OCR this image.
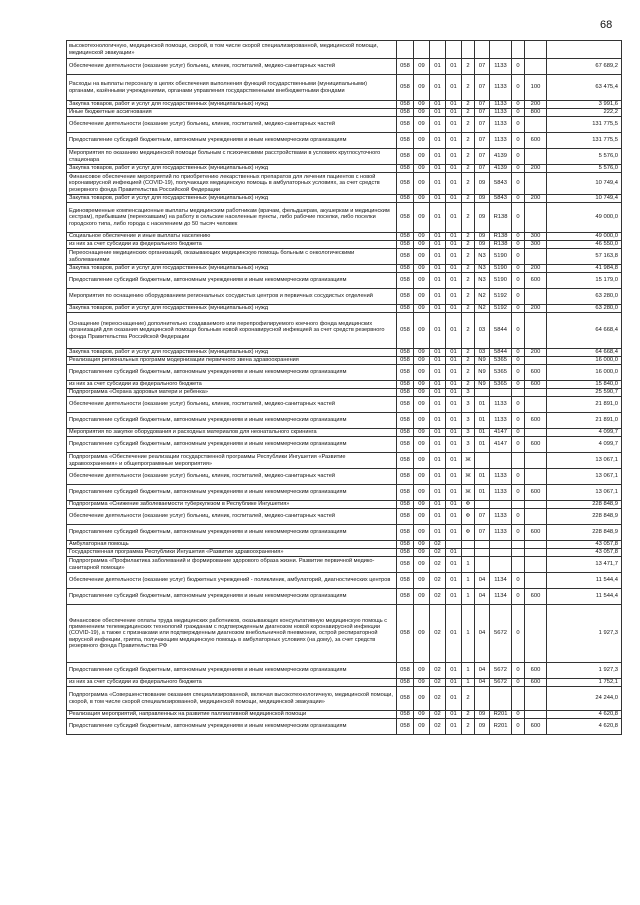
68
высокотехнологичную, медицинской помощи, скорой, в том числе скорой специализированной, медицинской помощи, медицинской эвакуации»										
Обеспечение деятельности (оказание услуг) больниц, клиник, госпиталей, медико-санитарных частей	058	09	01	01	2	07	1133	0		67 689,2
Расходы на выплаты персоналу в целях обеспечения выполнения функций государственными (муниципальными) органами, казёнными учреждениями, органами управления государственными внебюджетными фондами	058	09	01	01	2	07	1133	0	100	63 475,4
Закупка товаров, работ и услуг для государственных (муниципальных) нужд	058	09	01	01	2	07	1133	0	200	3 991,6
Иные бюджетные ассигнования	058	09	01	01	2	07	1133	0	800	222,2
Обеспечение деятельности (оказание услуг) больниц, клиник, госпиталей, медико-санитарных частей	058	09	01	01	2	07	1133	0		131 775,5
Предоставление субсидий бюджетным, автономным учреждениям и иным некоммерческим организациям	058	09	01	01	2	07	1133	0	600	131 775,5
Мероприятия по оказанию медицинской помощи больным с психическими расстройствами в условиях круглосуточного стационара	058	09	01	01	2	07	4139	0		5 576,0
Закупка товаров, работ и услуг для государственных (муниципальных) нужд	058	09	01	01	2	07	4139	0	200	5 576,0
Финансовое обеспечение мероприятий по приобретению лекарственных препаратов для лечения пациентов с новой коронавирусной инфекцией (COVID-19), получающих медицинскую помощь в амбулаторных условиях, за счет средств резервного фонда Правительства Российской Федерации	058	09	01	01	2	09	5843	0		10 749,4
Закупка товаров, работ и услуг для государственных (муниципальных) нужд	058	09	01	01	2	09	5843	0	200	10 749,4
Единовременные компенсационные выплаты медицинским работникам (врачам, фельдшерам, акушеркам и медицинским сестрам), прибывшим (переехавшим) на работу в сельские населенные пункты, либо рабочие поселки, либо поселки городского типа, либо города с населением до 50 тысяч человек	058	09	01	01	2	09	R138	0		49 000,0
Социальное обеспечение и иные выплаты населению	058	09	01	01	2	09	R138	0	300	49 000,0
из них за счет субсидии из федерального бюджета	058	09	01	01	2	09	R138	0	300	46 550,0
Переоснащение медицинских организаций, оказывающих медицинскую помощь больным с онкологическими заболеваниями	058	09	01	01	2	N3	5190	0		57 163,8
Закупка товаров, работ и услуг для государственных (муниципальных) нужд	058	09	01	01	2	N3	5190	0	200	41 984,8
Предоставление субсидий бюджетным, автономным учреждениям и иным некоммерческим организациям	058	09	01	01	2	N3	5190	0	600	15 179,0
Мероприятия по оснащению оборудованием региональных сосудистых центров и первичных сосудистых отделений	058	09	01	01	2	N2	5192	0		63 280,0
Закупка товаров, работ и услуг для государственных (муниципальных) нужд	058	09	01	01	2	N2	5192	0	200	63 280,0
Оснащение (переоснащение) дополнительно создаваемого или перепрофилируемого коечного фонда медицинских организаций для оказания медицинской помощи больным новой коронавирусной инфекцией за счет средств резервного фонда Правительства Российской Федерации	058	09	01	01	2	03	5844	0		64 668,4
Закупка товаров, работ и услуг для государственных (муниципальных) нужд	058	09	01	01	2	03	5844	0	200	64 668,4
Реализация региональных программ модернизации первичного звена здравоохранения	058	09	01	01	2	N9	5365	0		16 000,0
Предоставление субсидий бюджетным, автономным учреждениям и иным некоммерческим организациям	058	09	01	01	2	N9	5365	0	600	16 000,0
из них за счет субсидии из федерального бюджета	058	09	01	01	2	N9	5365	0	600	15 840,0
Подпрограмма «Охрана здоровья матери и ребенка»	058	09	01	01	3					25 590,7
Обеспечение деятельности (оказание услуг) больниц, клиник, госпиталей, медико-санитарных частей	058	09	01	01	3	01	1133	0		21 891,0
Предоставление субсидий бюджетным, автономным учреждениям и иным некоммерческим организациям	058	09	01	01	3	01	1133	0	600	21 891,0
Мероприятия по закупке оборудования и расходных материалов для неонатального скрининга	058	09	01	01	3	01	4147	0		4 099,7
Предоставление субсидий бюджетным, автономным учреждениям и иным некоммерческим организациям	058	09	01	01	3	01	4147	0	600	4 099,7
Подпрограмма «Обеспечение реализации государственной программы Республики Ингушетия «Развитие здравоохранения» и общепрограммные мероприятия»	058	09	01	01	Ж					13 067,1
Обеспечение деятельности (оказание услуг) больниц, клиник, госпиталей, медико-санитарных частей	058	09	01	01	Ж	01	1133	0		13 067,1
Предоставление субсидий бюджетным, автономным учреждениям и иным некоммерческим организациям	058	09	01	01	Ж	01	1133	0	600	13 067,1
Подпрограмма «Снижение заболеваемости туберкулезом в Республике Ингушетия»	058	09	01	01	Ф					228 848,9
Обеспечение деятельности (оказание услуг) больниц, клиник, госпиталей, медико-санитарных частей	058	09	01	01	Ф	07	1133	0		228 848,9
Предоставление субсидий бюджетным, автономным учреждениям и иным некоммерческим организациям	058	09	01	01	Ф	07	1133	0	600	228 848,9
Амбулаторная помощь	058	09	02							43 057,8
Государственная программа Республики Ингушетия «Развитие здравоохранения»	058	09	02	01						43 057,8
Подпрограмма «Профилактика заболеваний и формирование здорового образа жизни. Развитие первичной медико-санитарной помощи»	058	09	02	01	1					13 471,7
Обеспечение деятельности (оказание услуг) бюджетных учреждений - поликлиник, амбулаторий, диагностических центров	058	09	02	01	1	04	1134	0		11 544,4
Предоставление субсидий бюджетным, автономным учреждениям и иным некоммерческим организациям	058	09	02	01	1	04	1134	0	600	11 544,4
Финансовое обеспечение оплаты труда медицинских работников, оказывающих консультативную медицинскую помощь с применением телемедицинских технологий гражданам с подтвержденным диагнозом новой коронавирусной инфекции (COVID-19), а также с признаками или подтвержденным диагнозом внебольничной пневмонии, острой респираторной вирусной инфекции, гриппа, получающим медицинскую помощь в амбулаторных условиях (на дому), за счет средств резервного фонда Правительства РФ	058	09	02	01	1	04	5672	0		1 927,3
Предоставление субсидий бюджетным, автономным учреждениям и иным некоммерческим организациям	058	09	02	01	1	04	5672	0	600	1 927,3
из них за счет субсидии из федерального бюджета	058	09	02	01	1	04	5672	0	600	1 752,1
Подпрограмма «Совершенствование оказания специализированной, включая высокотехнологичную, медицинской помощи, скорой, в том числе скорой специализированной, медицинской помощи, медицинской эвакуации»	058	09	02	01	2					24 244,0
Реализация мероприятий, направленных на развитие паллиативной медицинской помощи	058	09	02	01	2	09	R201	0		4 620,8
Предоставление субсидий бюджетным, автономным учреждениям и иным некоммерческим организациям	058	09	02	01	2	09	R201	0	600	4 620,8
